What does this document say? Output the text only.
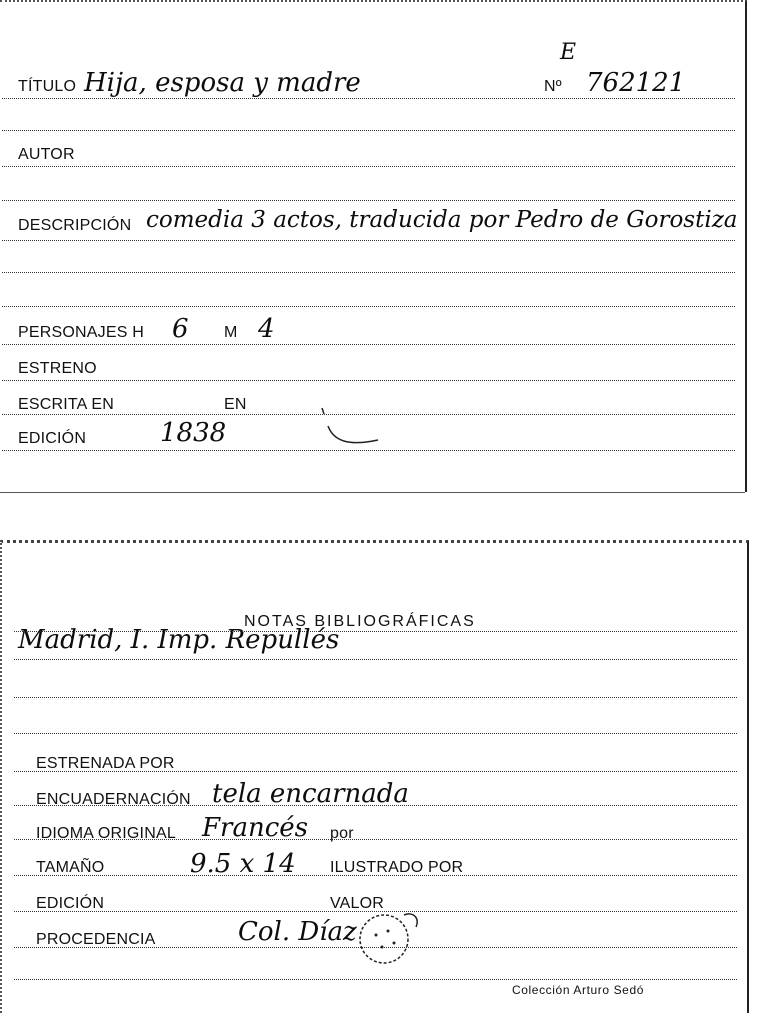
TÍTULO Hija, esposa y madre
E
Nº 762121
AUTOR
DESCRIPCIÓN comedia 3 actos, traducida por Pedro de Gorostiza
PERSONAJES H 6 M 4
ESTRENO
ESCRITA EN	EN
EDICIÓN	1838
NOTAS BIBLIOGRÁFICAS
Madrid, I. Imp. Repullés
ESTRENADA POR
ENCUADERNACIÓN tela encarnada
IDIOMA ORIGINAL Francés por
TAMAÑO	9.5 x 14 ILUSTRADO POR
EDICIÓN	VALOR
PROCEDENCIA	Col. Díaz
Colección Arturo Sedó
